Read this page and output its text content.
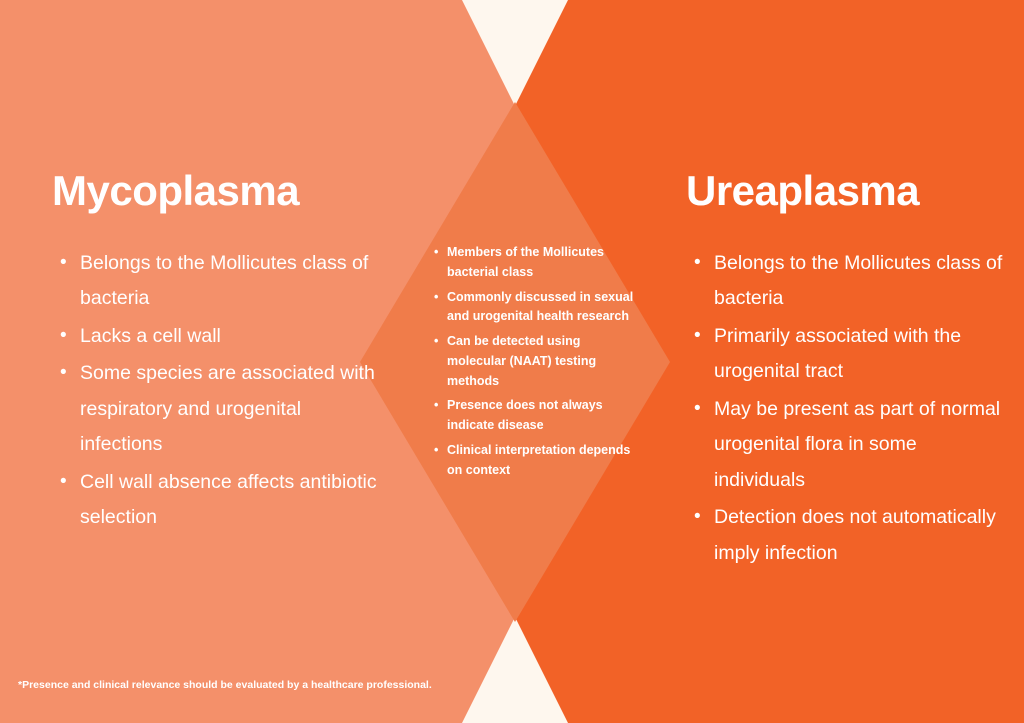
Mycoplasma
• Belongs to the Mollicutes class of bacteria
• Lacks a cell wall
• Some species are associated with respiratory and urogenital infections
• Cell wall absence affects antibiotic selection
Ureaplasma
• Belongs to the Mollicutes class of bacteria
• Primarily associated with the urogenital tract
• May be present as part of normal urogenital flora in some individuals
• Detection does not automatically imply infection
• Members of the Mollicutes bacterial class
• Commonly discussed in sexual and urogenital health research
• Can be detected using molecular (NAAT) testing methods
• Presence does not always indicate disease
• Clinical interpretation depends on context
*Presence and clinical relevance should be evaluated by a healthcare professional.
